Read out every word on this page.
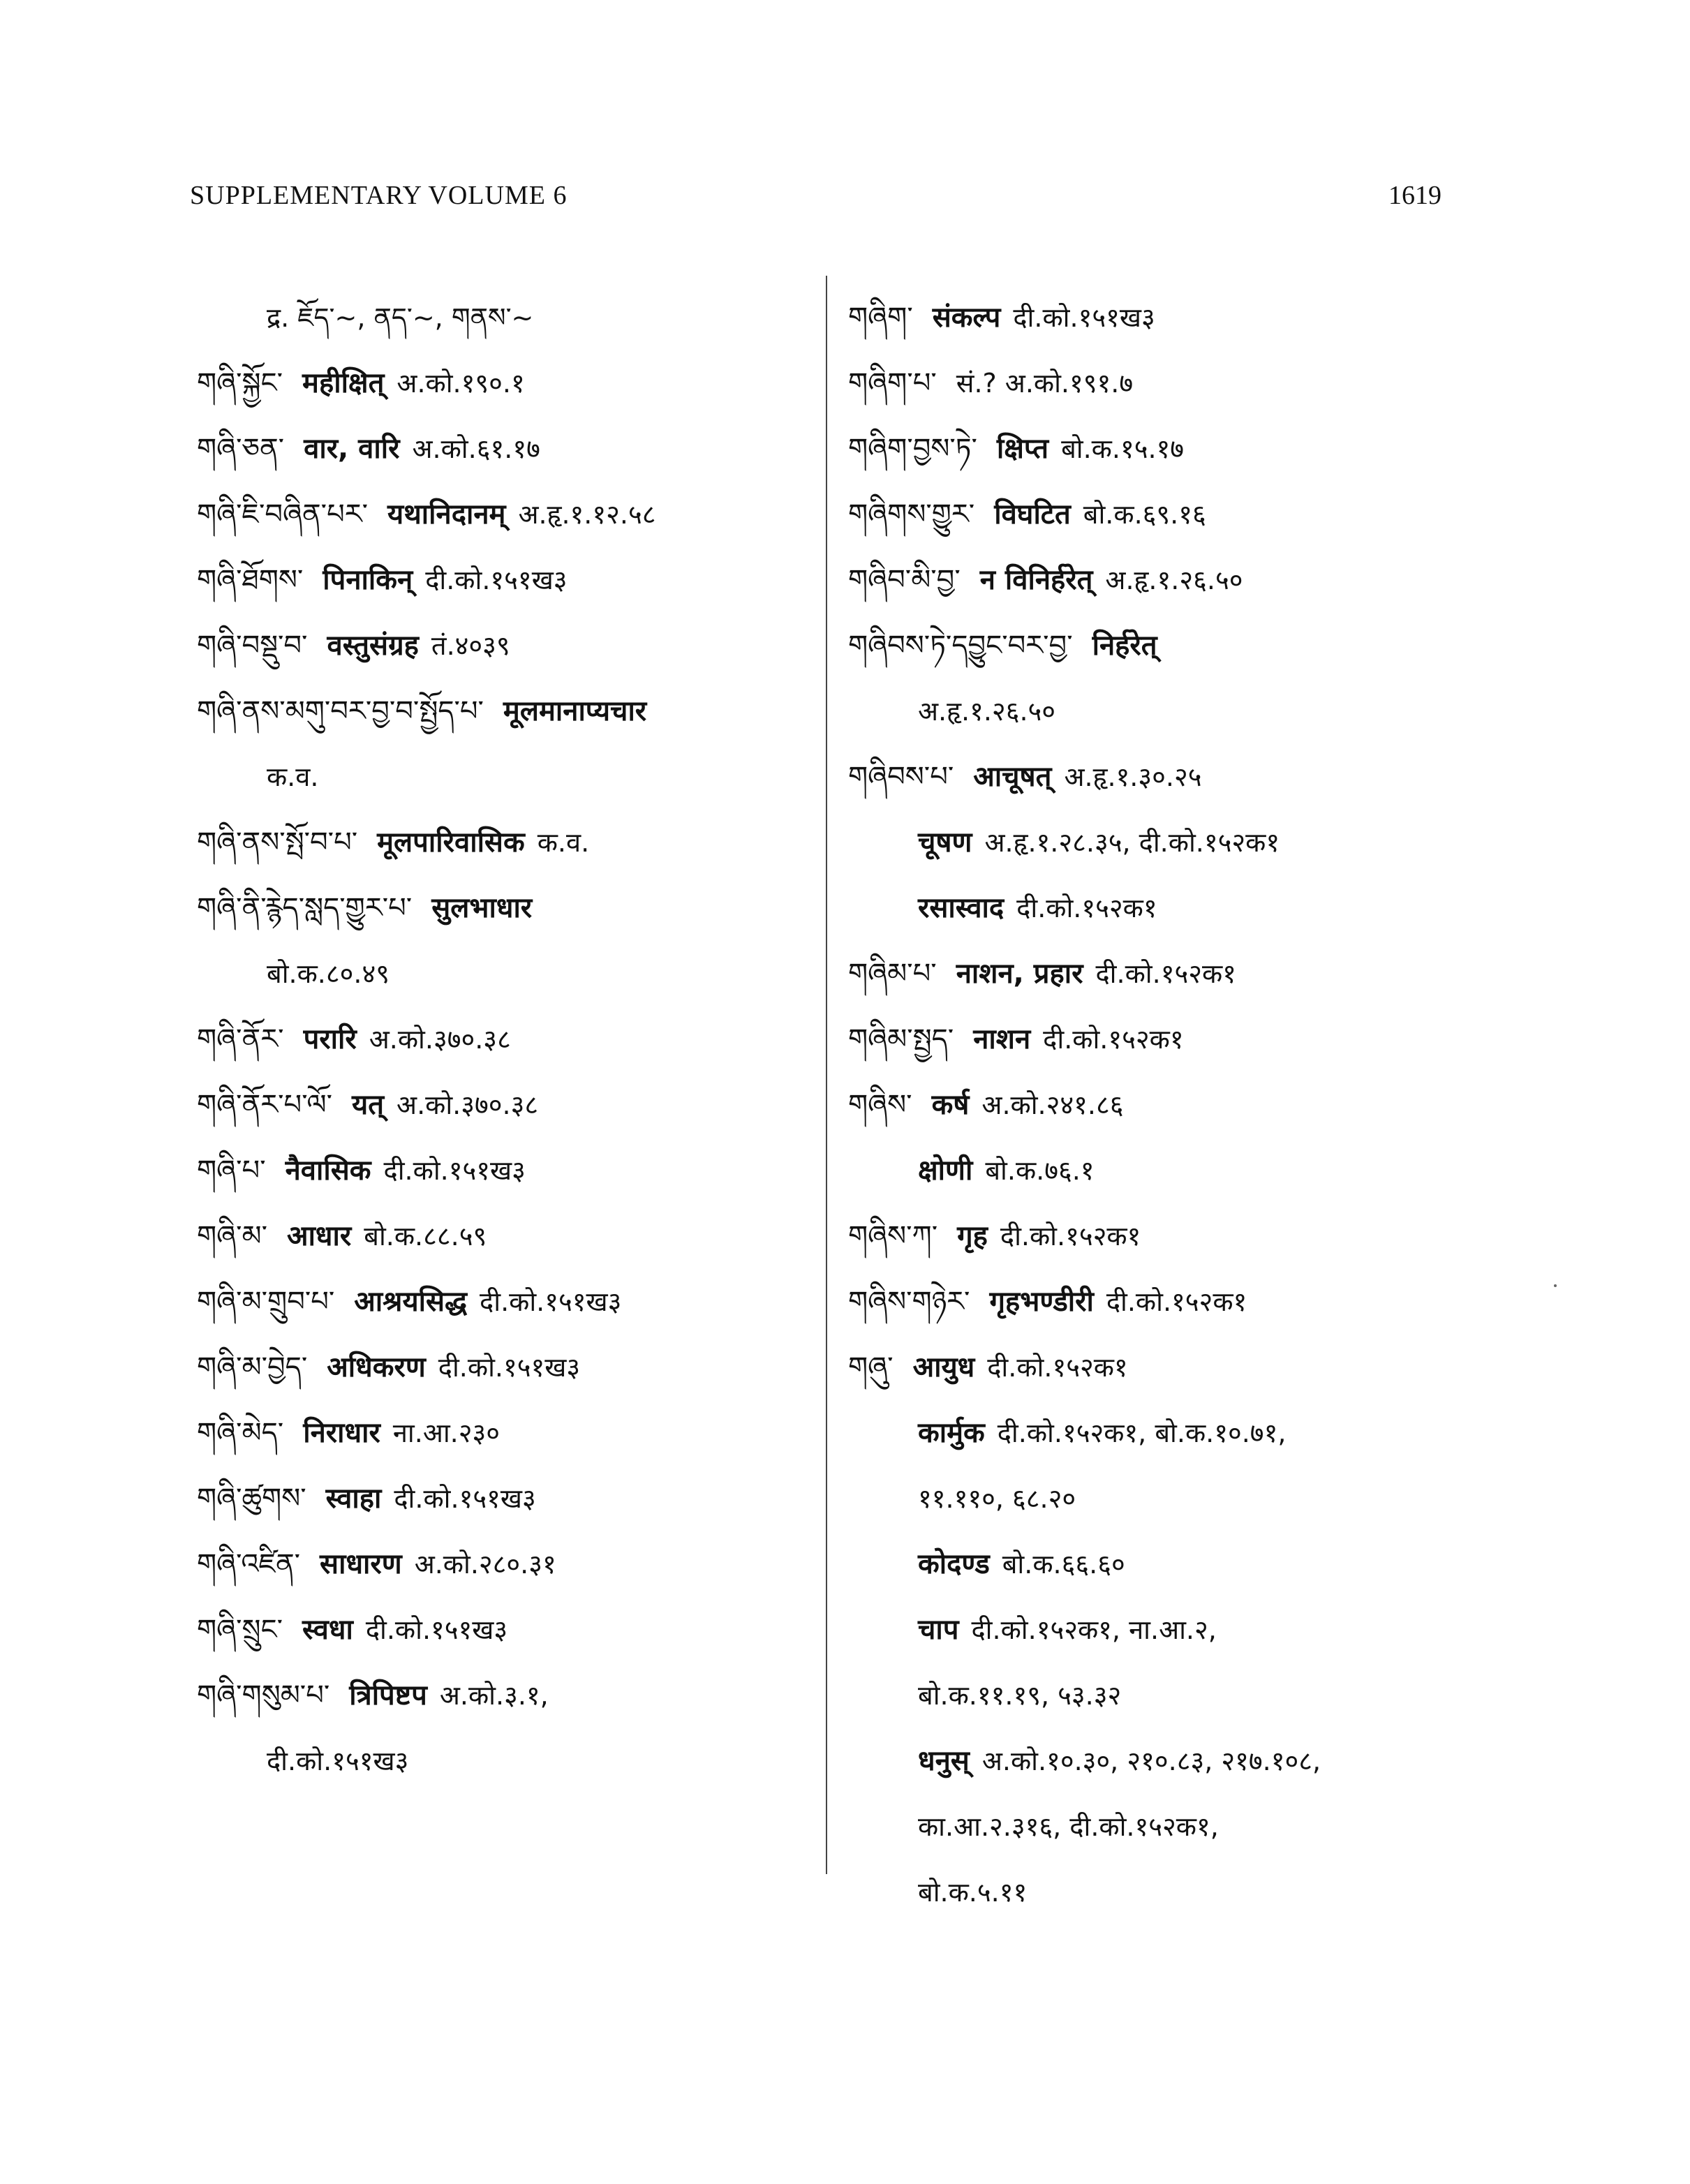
SUPPLEMENTARY VOLUME 6	1619
द्र. ཇོད་~, ནད་~, གནས་~
གཞི་སྐྱོང་ महीक्षित् अ.को.१९०.१
གཞི་ཅན་ वार, वारि अ.को.६१.१७
གཞི་ཇི་བཞིན་པར་ यथानिदानम् अ.हृ.१.१२.५८
གཞི་ཐོགས་ पिनाकिन् दी.को.१५१ख३
གཞི་བསྡུ་བ་ वस्तुसंग्रह तं.४०३९
གཞི་ནས་མགུ་བར་བྱ་བ་སྤྱོད་པ་ मूलमानाप्यचार
क.व.
གཞི་ནས་སྤོ་བ་པ་ मूलपारिवासिक क.व.
གཞི་ནི་རྙེད་སླད་གྱུར་པ་ सुलभाधार
बो.क.८०.४९
གཞི་ནོར་ परारि अ.को.३७०.३८
གཞི་ནོར་པ་ལོ་ यत् अ.को.३७०.३८
གཞི་པ་ नैवासिक दी.को.१५१ख३
གཞི་མ་ आधार बो.क.८८.५९
གཞི་མ་གྲུབ་པ་ आश्रयसिद्ध दी.को.१५१ख३
གཞི་མ་བྱེད་ अधिकरण दी.को.१५१ख३
གཞི་མེད་ निराधार ना.आ.२३०
གཞི་ཚུགས་ स्वाहा दी.को.१५१ख३
གཞི་འཛིན་ साधारण अ.को.२८०.३१
གཞི་སྲུང་ स्वधा दी.को.१५१ख३
གཞི་གསུམ་པ་ त्रिपिष्टप अ.को.३.१,
दी.को.१५१ख३
གཞིག་ संकल्प दी.को.१५१ख३
གཞིག་པ་ सं.? अ.को.१९१.७
གཞིག་བྱས་ཏེ་ क्षिप्त बो.क.१५.१७
གཞིགས་གྱུར་ विघटित बो.क.६९.१६
གཞིབ་མི་བྱ་ न विनिर्हरेत् अ.हृ.१.२६.५०
གཞིབས་ཏེ་དབྱུང་བར་བྱ་ निर्हरेत्
अ.हृ.१.२६.५०
གཞིབས་པ་ आचूषत् अ.हृ.१.३०.२५
चूषण अ.हृ.१.२८.३५, दी.को.१५२क१
रसास्वाद दी.को.१५२क१
གཞིམ་པ་ नाशन, प्रहार दी.को.१५२क१
གཞིམ་སྤྱད་ नाशन दी.को.१५२क१
གཞིས་ कर्ष अ.को.२४१.८६
क्षोणी बो.क.७६.१
གཞིས་ཀ་ गृह दी.को.१५२क१
གཞིས་གཉེར་ गृहभण्डीरी दी.को.१५२क१
གཞུ་ आयुध दी.को.१५२क१
कार्मुक दी.को.१५२क१, बो.क.१०.७१,
११.११०, ६८.२०
कोदण्ड बो.क.६६.६०
चाप दी.को.१५२क१, ना.आ.२,
बो.क.११.१९, ५३.३२
धनुस् अ.को.१०.३०, २१०.८३, २१७.१०८,
का.आ.२.३१६, दी.को.१५२क१,
बो.क.५.११
